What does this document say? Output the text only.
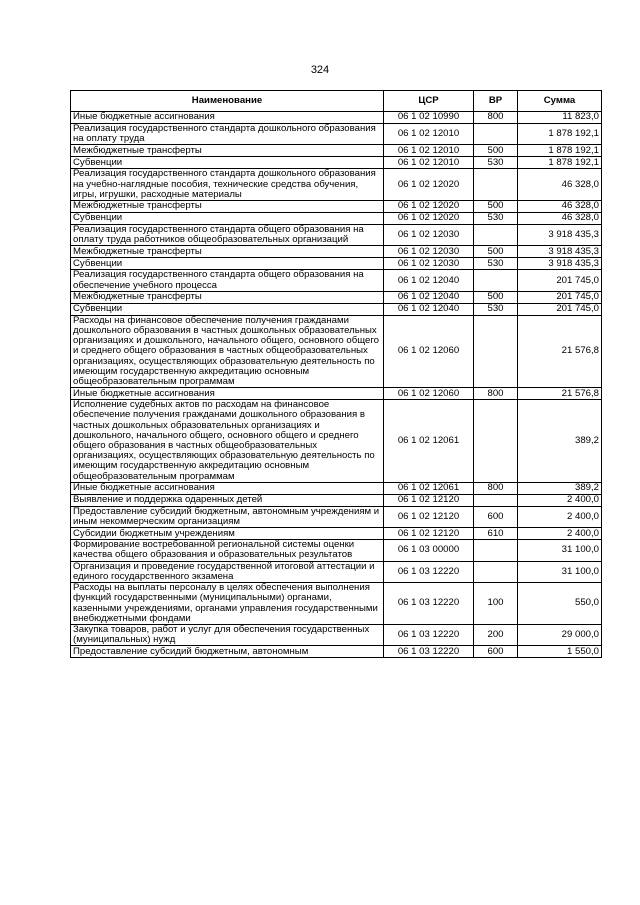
324
Наименование	ЦСР	ВР	Сумма
Иные бюджетные ассигнования	06 1 02 10990	800	11 823,0
Реализация государственного стандарта дошкольного образования на оплату труда	06 1 02 12010		1 878 192,1
Межбюджетные трансферты	06 1 02 12010	500	1 878 192,1
Субвенции	06 1 02 12010	530	1 878 192,1
Реализация государственного стандарта дошкольного образования на учебно-наглядные пособия, технические средства обучения, игры, игрушки, расходные материалы	06 1 02 12020		46 328,0
Межбюджетные трансферты	06 1 02 12020	500	46 328,0
Субвенции	06 1 02 12020	530	46 328,0
Реализация государственного стандарта общего образования на оплату труда работников общеобразовательных организаций	06 1 02 12030		3 918 435,3
Межбюджетные трансферты	06 1 02 12030	500	3 918 435,3
Субвенции	06 1 02 12030	530	3 918 435,3
Реализация государственного стандарта общего образования на обеспечение учебного процесса	06 1 02 12040		201 745,0
Межбюджетные трансферты	06 1 02 12040	500	201 745,0
Субвенции	06 1 02 12040	530	201 745,0
Расходы на финансовое обеспечение получения гражданами дошкольного образования в частных дошкольных образовательных организациях и дошкольного, начального общего, основного общего и среднего общего образования в частных общеобразовательных организациях, осуществляющих образовательную деятельность по имеющим государственную аккредитацию основным общеобразовательным программам	06 1 02 12060		21 576,8
Иные бюджетные ассигнования	06 1 02 12060	800	21 576,8
Исполнение судебных актов по расходам на финансовое обеспечение получения гражданами дошкольного образования в частных дошкольных образовательных организациях и дошкольного, начального общего, основного общего и среднего общего образования в частных общеобразовательных организациях, осуществляющих образовательную деятельность по имеющим государственную аккредитацию основным общеобразовательным программам	06 1 02 12061		389,2
Иные бюджетные ассигнования	06 1 02 12061	800	389,2
Выявление и поддержка одаренных детей	06 1 02 12120		2 400,0
Предоставление субсидий бюджетным, автономным учреждениям и иным некоммерческим организациям	06 1 02 12120	600	2 400,0
Субсидии бюджетным учреждениям	06 1 02 12120	610	2 400,0
Формирование востребованной региональной системы оценки качества общего образования и образовательных результатов	06 1 03 00000		31 100,0
Организация и проведение государственной итоговой аттестации и единого государственного экзамена	06 1 03 12220		31 100,0
Расходы на выплаты персоналу в целях обеспечения выполнения функций государственными (муниципальными) органами, казенными учреждениями, органами управления государственными внебюджетными фондами	06 1 03 12220	100	550,0
Закупка товаров, работ и услуг для обеспечения государственных (муниципальных) нужд	06 1 03 12220	200	29 000,0
Предоставление субсидий бюджетным, автономным	06 1 03 12220	600	1 550,0
